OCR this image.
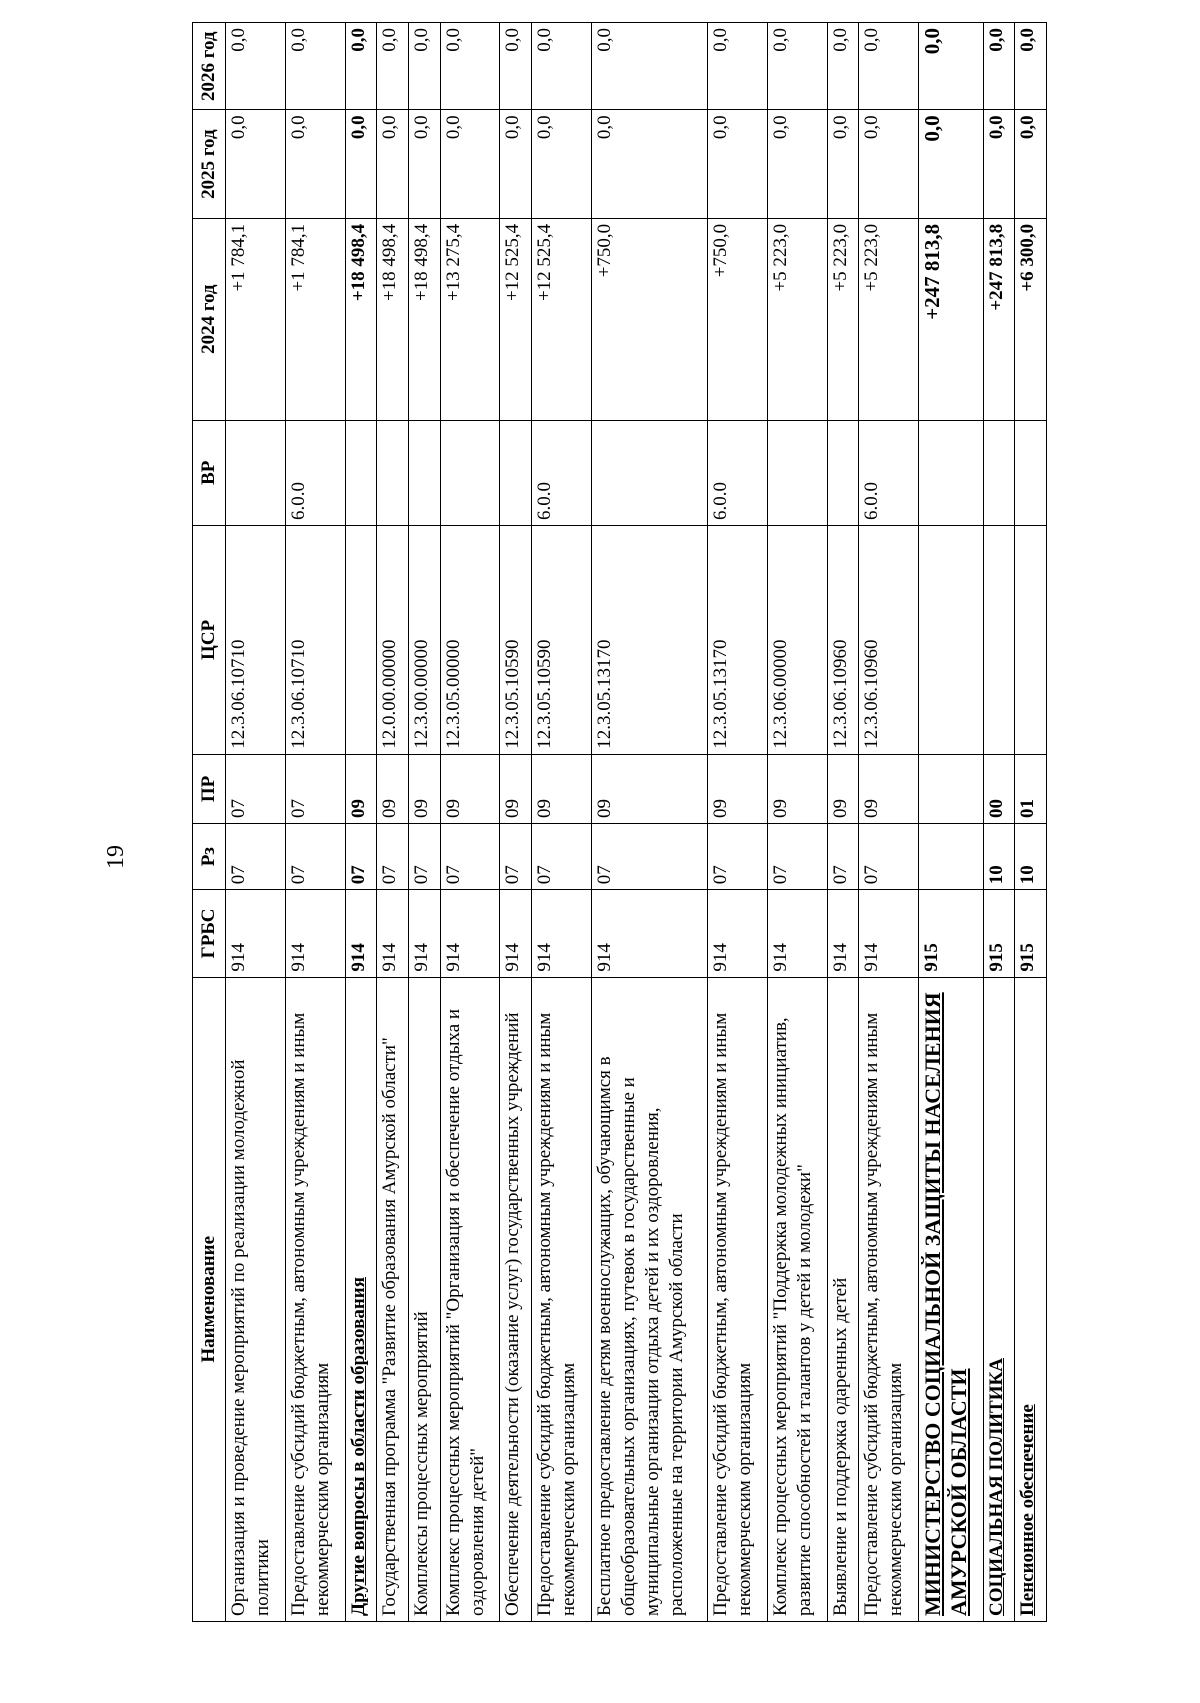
19
Наименование	ГРБС	Рз	ПР	ЦСР	ВР	2024 год	2025 год	2026 год
Организация и проведение мероприятий по реализации молодежной политики	914	07	07	12.3.06.10710		+1 784,1	0,0	0,0
Предоставление субсидий бюджетным, автономным учреждениям и иным некоммерческим организациям	914	07	07	12.3.06.10710	6.0.0	+1 784,1	0,0	0,0
Другие вопросы в области образования	914	07	09			+18 498,4	0,0	0,0
Государственная программа "Развитие образования Амурской области"	914	07	09	12.0.00.00000		+18 498,4	0,0	0,0
Комплексы процессных мероприятий	914	07	09	12.3.00.00000		+18 498,4	0,0	0,0
Комплекс процессных мероприятий "Организация и обеспечение отдыха и оздоровления детей"	914	07	09	12.3.05.00000		+13 275,4	0,0	0,0
Обеспечение деятельности (оказание услуг) государственных учреждений	914	07	09	12.3.05.10590		+12 525,4	0,0	0,0
Предоставление субсидий бюджетным, автономным учреждениям и иным некоммерческим организациям	914	07	09	12.3.05.10590	6.0.0	+12 525,4	0,0	0,0
Бесплатное предоставление детям военнослужащих, обучающимся в общеобразовательных организациях, путевок в государственные и муниципальные организации отдыха детей и их оздоровления, расположенные на территории Амурской области	914	07	09	12.3.05.13170		+750,0	0,0	0,0
Предоставление субсидий бюджетным, автономным учреждениям и иным некоммерческим организациям	914	07	09	12.3.05.13170	6.0.0	+750,0	0,0	0,0
Комплекс процессных мероприятий "Поддержка молодежных инициатив, развитие способностей и талантов у детей и молодежи"	914	07	09	12.3.06.00000		+5 223,0	0,0	0,0
Выявление и поддержка одаренных детей	914	07	09	12.3.06.10960		+5 223,0	0,0	0,0
Предоставление субсидий бюджетным, автономным учреждениям и иным некоммерческим организациям	914	07	09	12.3.06.10960	6.0.0	+5 223,0	0,0	0,0
МИНИСТЕРСТВО СОЦИАЛЬНОЙ ЗАЩИТЫ НАСЕЛЕНИЯ АМУРСКОЙ ОБЛАСТИ	915					+247 813,8	0,0	0,0
СОЦИАЛЬНАЯ ПОЛИТИКА	915	10	00			+247 813,8	0,0	0,0
Пенсионное обеспечение	915	10	01			+6 300,0	0,0	0,0
